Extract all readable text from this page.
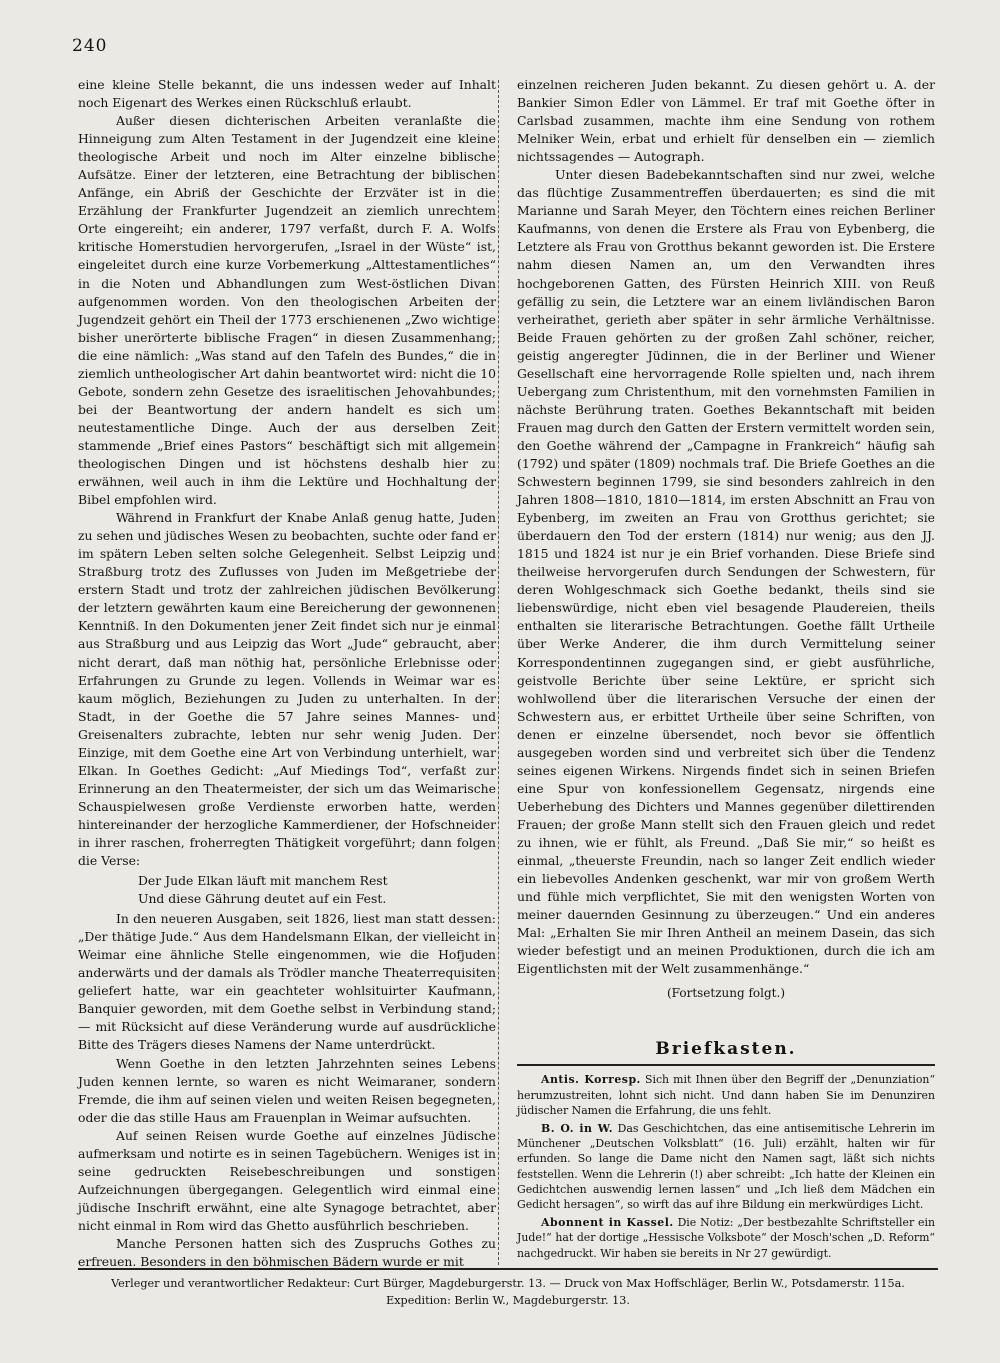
240

eine kleine Stelle bekannt, die uns indessen weder auf Inhalt noch Eigenart des Werkes einen Rückschluß erlaubt.

Außer diesen dichterischen Arbeiten veranlaßte die Hinneigung zum Alten Testament in der Jugendzeit eine kleine theologische Arbeit und noch im Alter einzelne biblische Aufsätze. Einer der letzteren, eine Betrachtung der biblischen Anfänge, ein Abriß der Geschichte der Erzväter ist in die Erzählung der Frankfurter Jugendzeit an ziemlich unrechtem Orte eingereiht; ein anderer, 1797 verfaßt, durch F. A. Wolfs kritische Homerstudien hervorgerufen, „Israel in der Wüste“ ist, eingeleitet durch eine kurze Vorbemerkung „Alttestamentliches“ in die Noten und Abhandlungen zum West-östlichen Divan aufgenommen worden. Von den theologischen Arbeiten der Jugendzeit gehört ein Theil der 1773 erschienenen „Zwo wichtige bisher unerörterte biblische Fragen“ in diesen Zusammenhang; die eine nämlich: „Was stand auf den Tafeln des Bundes,“ die in ziemlich untheologischer Art dahin beantwortet wird: nicht die 10 Gebote, sondern zehn Gesetze des israelitischen Jehovahbundes; bei der Beantwortung der andern handelt es sich um neutestamentliche Dinge. Auch der aus derselben Zeit stammende „Brief eines Pastors“ beschäftigt sich mit allgemein theologischen Dingen und ist höchstens deshalb hier zu erwähnen, weil auch in ihm die Lektüre und Hochhaltung der Bibel empfohlen wird.

Während in Frankfurt der Knabe Anlaß genug hatte, Juden zu sehen und jüdisches Wesen zu beobachten, suchte oder fand er im spätern Leben selten solche Gelegenheit. Selbst Leipzig und Straßburg trotz des Zuflusses von Juden im Meßgetriebe der erstern Stadt und trotz der zahlreichen jüdischen Bevölkerung der letztern gewährten kaum eine Bereicherung der gewonnenen Kenntniß. In den Dokumenten jener Zeit findet sich nur je einmal aus Straßburg und aus Leipzig das Wort „Jude“ gebraucht, aber nicht derart, daß man nöthig hat, persönliche Erlebnisse oder Erfahrungen zu Grunde zu legen. Vollends in Weimar war es kaum möglich, Beziehungen zu Juden zu unterhalten. In der Stadt, in der Goethe die 57 Jahre seines Mannes- und Greisenalters zubrachte, lebten nur sehr wenig Juden. Der Einzige, mit dem Goethe eine Art von Verbindung unterhielt, war Elkan. In Goethes Gedicht: „Auf Miedings Tod“, verfaßt zur Erinnerung an den Theatermeister, der sich um das Weimarische Schauspielwesen große Verdienste erworben hatte, werden hintereinander der herzogliche Kammerdiener, der Hofschneider in ihrer raschen, froherregten Thätigkeit vorgeführt; dann folgen die Verse:

Der Jude Elkan läuft mit manchem Rest
Und diese Gährung deutet auf ein Fest.

In den neueren Ausgaben, seit 1826, liest man statt dessen: „Der thätige Jude.“ Aus dem Handelsmann Elkan, der vielleicht in Weimar eine ähnliche Stelle eingenommen, wie die Hofjuden anderwärts und der damals als Trödler manche Theaterrequisiten geliefert hatte, war ein geachteter wohlsituirter Kaufmann, Banquier geworden, mit dem Goethe selbst in Verbindung stand; — mit Rücksicht auf diese Veränderung wurde auf ausdrückliche Bitte des Trägers dieses Namens der Name unterdrückt.

Wenn Goethe in den letzten Jahrzehnten seines Lebens Juden kennen lernte, so waren es nicht Weimaraner, sondern Fremde, die ihm auf seinen vielen und weiten Reisen begegneten, oder die das stille Haus am Frauenplan in Weimar aufsuchten.

Auf seinen Reisen wurde Goethe auf einzelnes Jüdische aufmerksam und notirte es in seinen Tagebüchern. Weniges ist in seine gedruckten Reisebeschreibungen und sonstigen Aufzeichnungen übergegangen. Gelegentlich wird einmal eine jüdische Inschrift erwähnt, eine alte Synagoge betrachtet, aber nicht einmal in Rom wird das Ghetto ausführlich beschrieben.

Manche Personen hatten sich des Zuspruchs Gothes zu erfreuen. Besonders in den böhmischen Bädern wurde er mit

einzelnen reicheren Juden bekannt. Zu diesen gehört u. A. der Bankier Simon Edler von Lämmel. Er traf mit Goethe öfter in Carlsbad zusammen, machte ihm eine Sendung von rothem Melniker Wein, erbat und erhielt für denselben ein — ziemlich nichtssagendes — Autograph.

Unter diesen Badebekanntschaften sind nur zwei, welche das flüchtige Zusammentreffen überdauerten; es sind die mit Marianne und Sarah Meyer, den Töchtern eines reichen Berliner Kaufmanns, von denen die Erstere als Frau von Eybenberg, die Letztere als Frau von Grotthus bekannt geworden ist. Die Erstere nahm diesen Namen an, um den Verwandten ihres hochgeborenen Gatten, des Fürsten Heinrich XIII. von Reuß gefällig zu sein, die Letztere war an einem livländischen Baron verheirathet, gerieth aber später in sehr ärmliche Verhältnisse. Beide Frauen gehörten zu der großen Zahl schöner, reicher, geistig angeregter Jüdinnen, die in der Berliner und Wiener Gesellschaft eine hervorragende Rolle spielten und, nach ihrem Uebergang zum Christenthum, mit den vornehmsten Familien in nächste Berührung traten. Goethes Bekanntschaft mit beiden Frauen mag durch den Gatten der Erstern vermittelt worden sein, den Goethe während der „Campagne in Frankreich“ häufig sah (1792) und später (1809) nochmals traf. Die Briefe Goethes an die Schwestern beginnen 1799, sie sind besonders zahlreich in den Jahren 1808—1810, 1810—1814, im ersten Abschnitt an Frau von Eybenberg, im zweiten an Frau von Grotthus gerichtet; sie überdauern den Tod der erstern (1814) nur wenig; aus den JJ. 1815 und 1824 ist nur je ein Brief vorhanden. Diese Briefe sind theilweise hervorgerufen durch Sendungen der Schwestern, für deren Wohlgeschmack sich Goethe bedankt, theils sind sie liebenswürdige, nicht eben viel besagende Plaudereien, theils enthalten sie literarische Betrachtungen. Goethe fällt Urtheile über Werke Anderer, die ihm durch Vermittelung seiner Korrespondentinnen zugegangen sind, er giebt ausführliche, geistvolle Berichte über seine Lektüre, er spricht sich wohlwollend über die literarischen Versuche der einen der Schwestern aus, er erbittet Urtheile über seine Schriften, von denen er einzelne übersendet, noch bevor sie öffentlich ausgegeben worden sind und verbreitet sich über die Tendenz seines eigenen Wirkens. Nirgends findet sich in seinen Briefen eine Spur von konfessionellem Gegensatz, nirgends eine Ueberhebung des Dichters und Mannes gegenüber dilettirenden Frauen; der große Mann stellt sich den Frauen gleich und redet zu ihnen, wie er fühlt, als Freund. „Daß Sie mir,“ so heißt es einmal, „theuerste Freundin, nach so langer Zeit endlich wieder ein liebevolles Andenken geschenkt, war mir von großem Werth und fühle mich verpflichtet, Sie mit den wenigsten Worten von meiner dauernden Gesinnung zu überzeugen.“ Und ein anderes Mal: „Erhalten Sie mir Ihren Antheil an meinem Dasein, das sich wieder befestigt und an meinen Produktionen, durch die ich am Eigentlichsten mit der Welt zusammenhänge.“

(Fortsetzung folgt.)
Briefkasten.

Antis. Korresp. Sich mit Ihnen über den Begriff der „Denunziation“ herumzustreiten, lohnt sich nicht. Und dann haben Sie im Denunziren jüdischer Namen die Erfahrung, die uns fehlt.

B. O. in W. Das Geschichtchen, das eine antisemitische Lehrerin im Münchener „Deutschen Volksblatt“ (16. Juli) erzählt, halten wir für erfunden. So lange die Dame nicht den Namen sagt, läßt sich nichts feststellen. Wenn die Lehrerin (!) aber schreibt: „Ich hatte der Kleinen ein Gedichtchen auswendig lernen lassen“ und „Ich ließ dem Mädchen ein Gedicht hersagen“, so wirft das auf ihre Bildung ein merkwürdiges Licht.

Abonnent in Kassel. Die Notiz: „Der bestbezahlte Schriftsteller ein Jude!“ hat der dortige „Hessische Volksbote“ der Mosch'schen „D. Reform“ nachgedruckt. Wir haben sie bereits in Nr 27 gewürdigt.

Verleger und verantwortlicher Redakteur: Curt Bürger, Magdeburgerstr. 13. — Druck von Max Hoffschläger, Berlin W., Potsdamerstr. 115a.
Expedition: Berlin W., Magdeburgerstr. 13.
